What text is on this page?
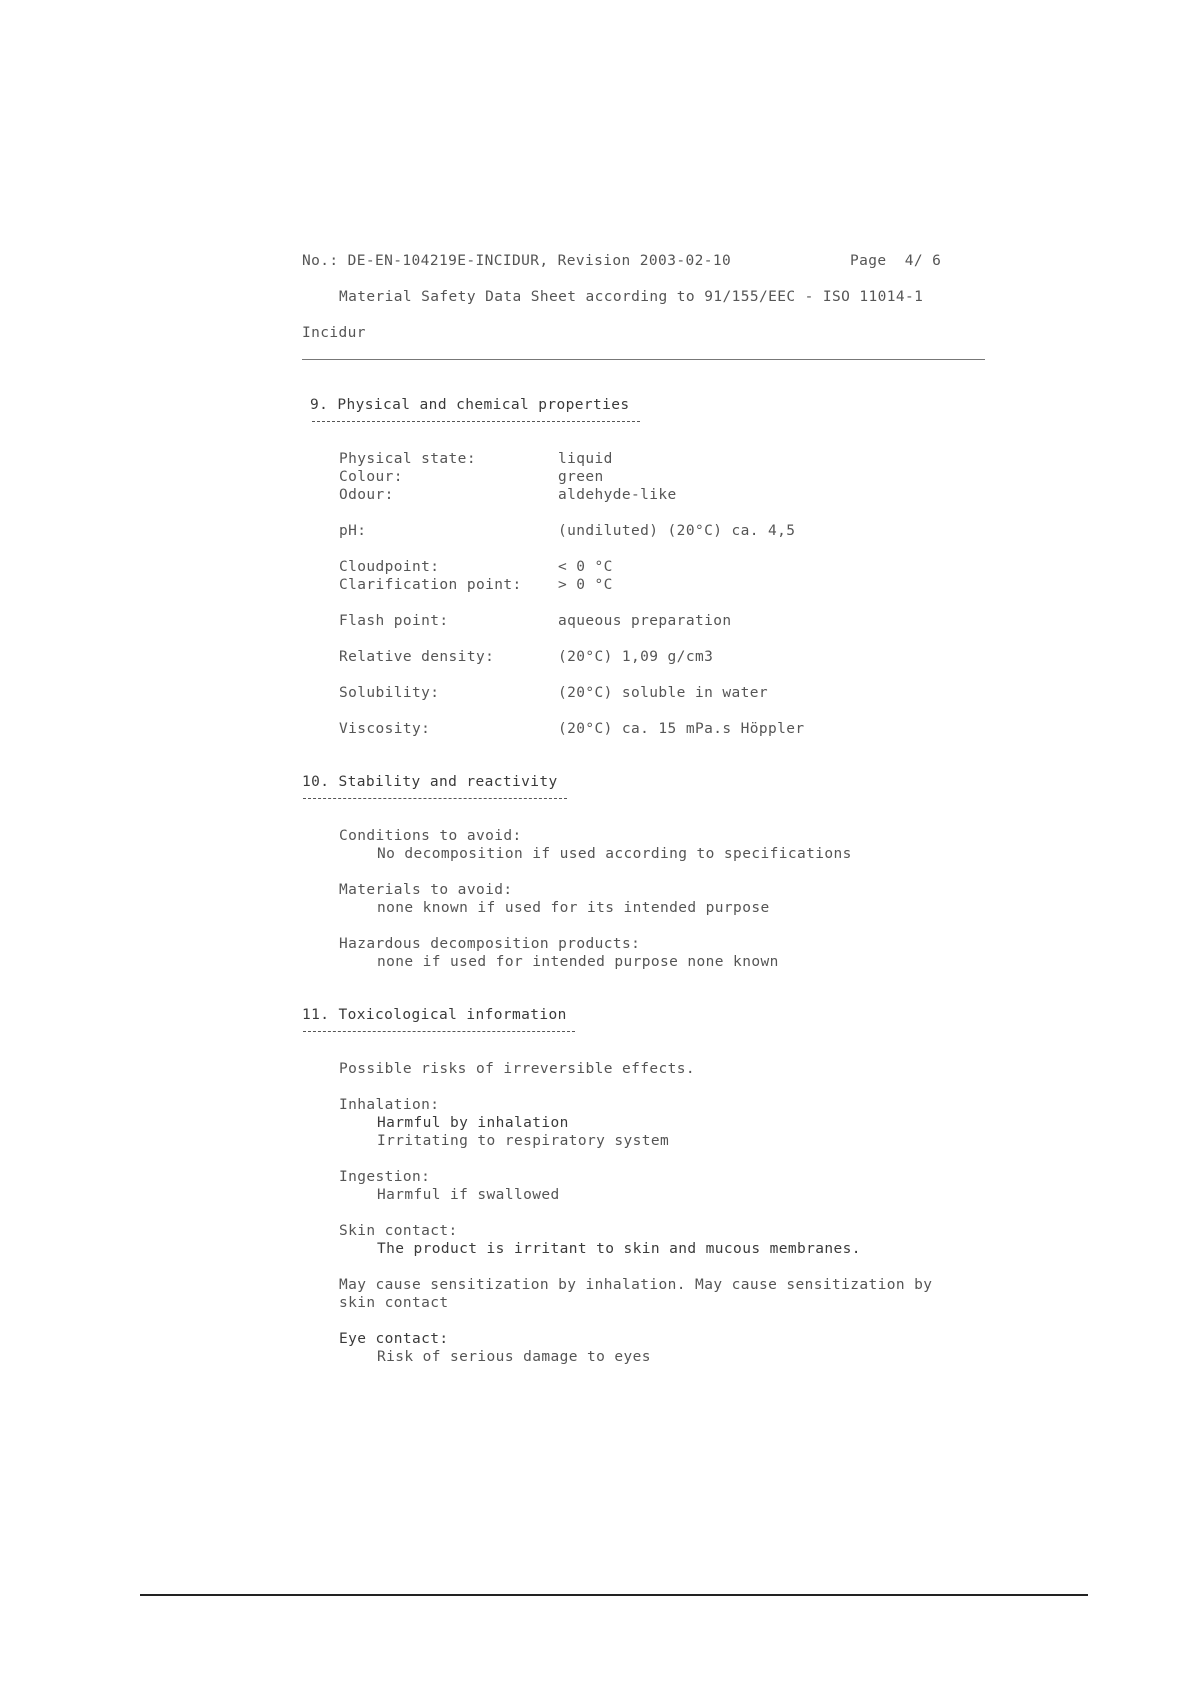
No.: DE-EN-104219E-INCIDUR, Revision 2003-02-10	Page  4/ 6
Material Safety Data Sheet according to 91/155/EEC - ISO 11014-1
Incidur
9. Physical and chemical properties
Physical state:	liquid
Colour:	green
Odour:	aldehyde-like
pH:	(undiluted) (20°C) ca. 4,5
Cloudpoint:	< 0 °C
Clarification point:	> 0 °C
Flash point:	aqueous preparation
Relative density:	(20°C) 1,09 g/cm3
Solubility:	(20°C) soluble in water
Viscosity:	(20°C) ca. 15 mPa.s Höppler
10. Stability and reactivity
Conditions to avoid:
No decomposition if used according to specifications
Materials to avoid:
none known if used for its intended purpose
Hazardous decomposition products:
none if used for intended purpose none known
11. Toxicological information
Possible risks of irreversible effects.
Inhalation:
Harmful by inhalation
Irritating to respiratory system
Ingestion:
Harmful if swallowed
Skin contact:
The product is irritant to skin and mucous membranes.
May cause sensitization by inhalation. May cause sensitization by
skin contact
Eye contact:
Risk of serious damage to eyes
